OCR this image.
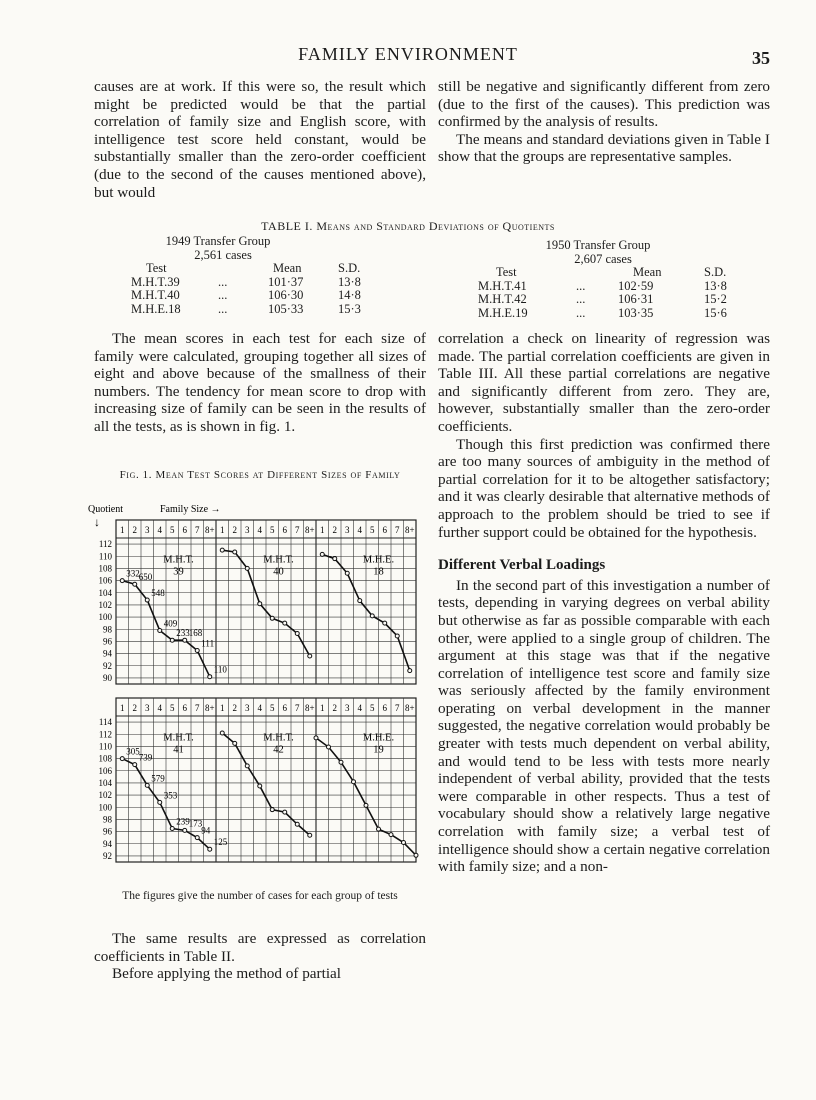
FAMILY ENVIRONMENT	35

causes are at work. If this were so, the result which might be predicted would be that the partial correlation of family size and English score, with intelligence test score held constant, would be substantially smaller than the zero-order coefficient (due to the second of the causes mentioned above), but would

still be negative and significantly different from zero (due to the first of the causes). This prediction was confirmed by the analysis of results.

The means and standard deviations given in Table I show that the groups are representative samples.

TABLE I. Means and Standard Deviations of Quotients
1949 Transfer Group
2,561 cases
Test	Mean	S.D.
M.H.T.39	...	101·37	13·8
M.H.T.40	...	106·30	14·8
M.H.E.18	...	105·33	15·3
1950 Transfer Group
2,607 cases
Test	Mean	S.D.
M.H.T.41	...	102·59	13·8
M.H.T.42	...	106·31	15·2
M.H.E.19	...	103·35	15·6

The mean scores in each test for each size of family were calculated, grouping together all sizes of eight and above because of the smallness of their numbers. The tendency for mean score to drop with increasing size of family can be seen in the results of all the tests, as is shown in fig. 1.

Fig. 1. Mean Test Scores at Different Sizes of Family
Quotient	Family Size →
↓
112
110
108
106
104
102
100
98
96
94
92
90
1 2 3 4 5 6 7 8+ 1 2 3 4 5 6 7 8+ 1 2 3 4 5 6 7 8+
M.H.T.
39
332 650
548
409
233 168
111
110
M.H.T.
40
M.H.E.
18
114
112
110
108
106
104
102
100
98
96
94
92
1 2 3 4 5 6 7 8+ 1 2 3 4 5 6 7 8+ 1 2 3 4 5 6 7 8+
M.H.T.
41
305
739
579
353
239 173
94
125
M.H.T.
42
M.H.E.
19
The figures give the number of cases for each group of tests

The same results are expressed as correlation coefficients in Table II.

Before applying the method of partial

correlation a check on linearity of regression was made. The partial correlation coefficients are given in Table III. All these partial correlations are negative and significantly different from zero. They are, however, substantially smaller than the zero-order coefficients.

Though this first prediction was confirmed there are too many sources of ambiguity in the method of partial correlation for it to be altogether satisfactory; and it was clearly desirable that alternative methods of approach to the problem should be tried to see if further support could be obtained for the hypothesis.

Different Verbal Loadings

In the second part of this investigation a number of tests, depending in varying degrees on verbal ability but otherwise as far as possible comparable with each other, were applied to a single group of children. The argument at this stage was that if the negative correlation of intelligence test score and family size was seriously affected by the family environment operating on verbal development in the manner suggested, the negative correlation would probably be greater with tests much dependent on verbal ability, and would tend to be less with tests more nearly independent of verbal ability, provided that the tests were comparable in other respects. Thus a test of vocabulary should show a relatively large negative correlation with family size; a verbal test of intelligence should show a certain negative correlation with family size; and a non-
